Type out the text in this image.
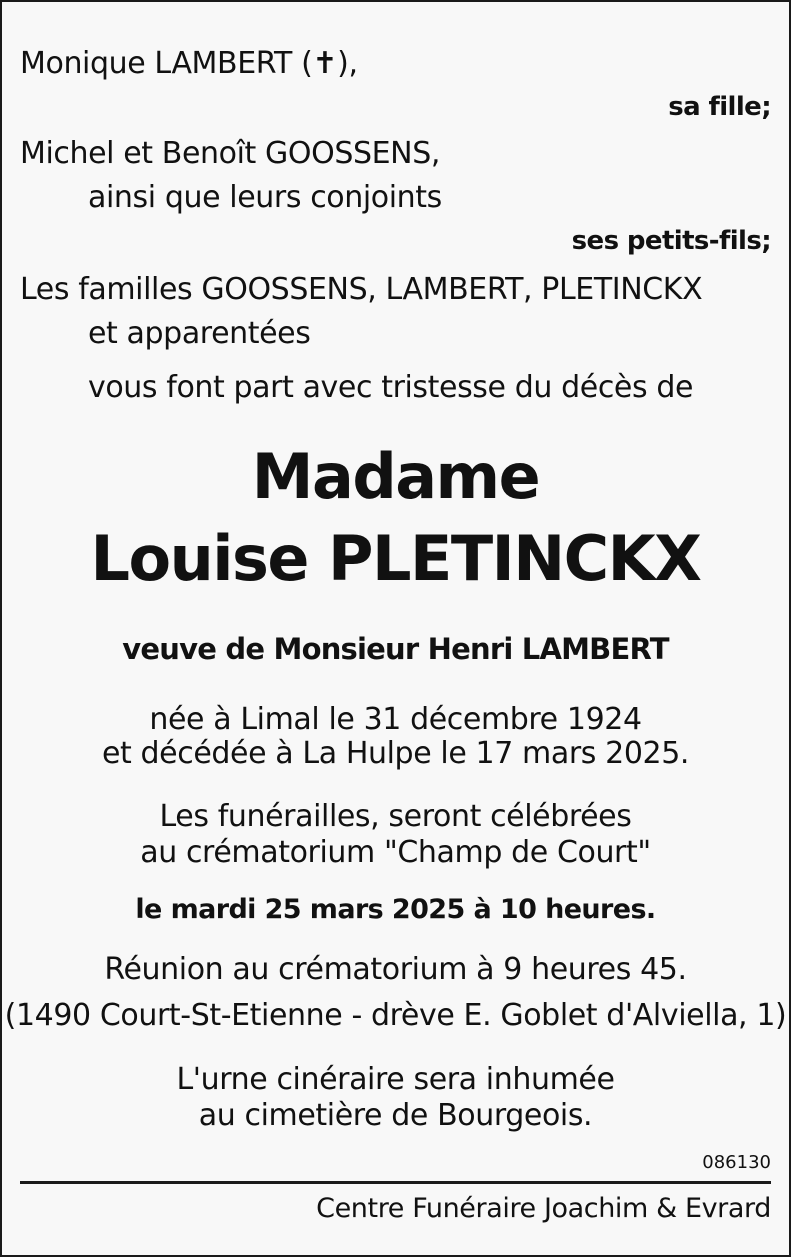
Monique LAMBERT (✝),
sa fille;
Michel et Benoît GOOSSENS,
ainsi que leurs conjoints
ses petits-fils;
Les familles GOOSSENS, LAMBERT, PLETINCKX
et apparentées
vous font part avec tristesse du décès de
Madame
Louise PLETINCKX
veuve de Monsieur Henri LAMBERT
née à Limal le 31 décembre 1924
et décédée à La Hulpe le 17 mars 2025.
Les funérailles, seront célébrées
au crématorium "Champ de Court"
le mardi 25 mars 2025 à 10 heures.
Réunion au crématorium à 9 heures 45.
(1490 Court-St-Etienne - drève E. Goblet d'Alviella, 1)
L'urne cinéraire sera inhumée
au cimetière de Bourgeois.
086130
Centre Funéraire Joachim & Evrard
